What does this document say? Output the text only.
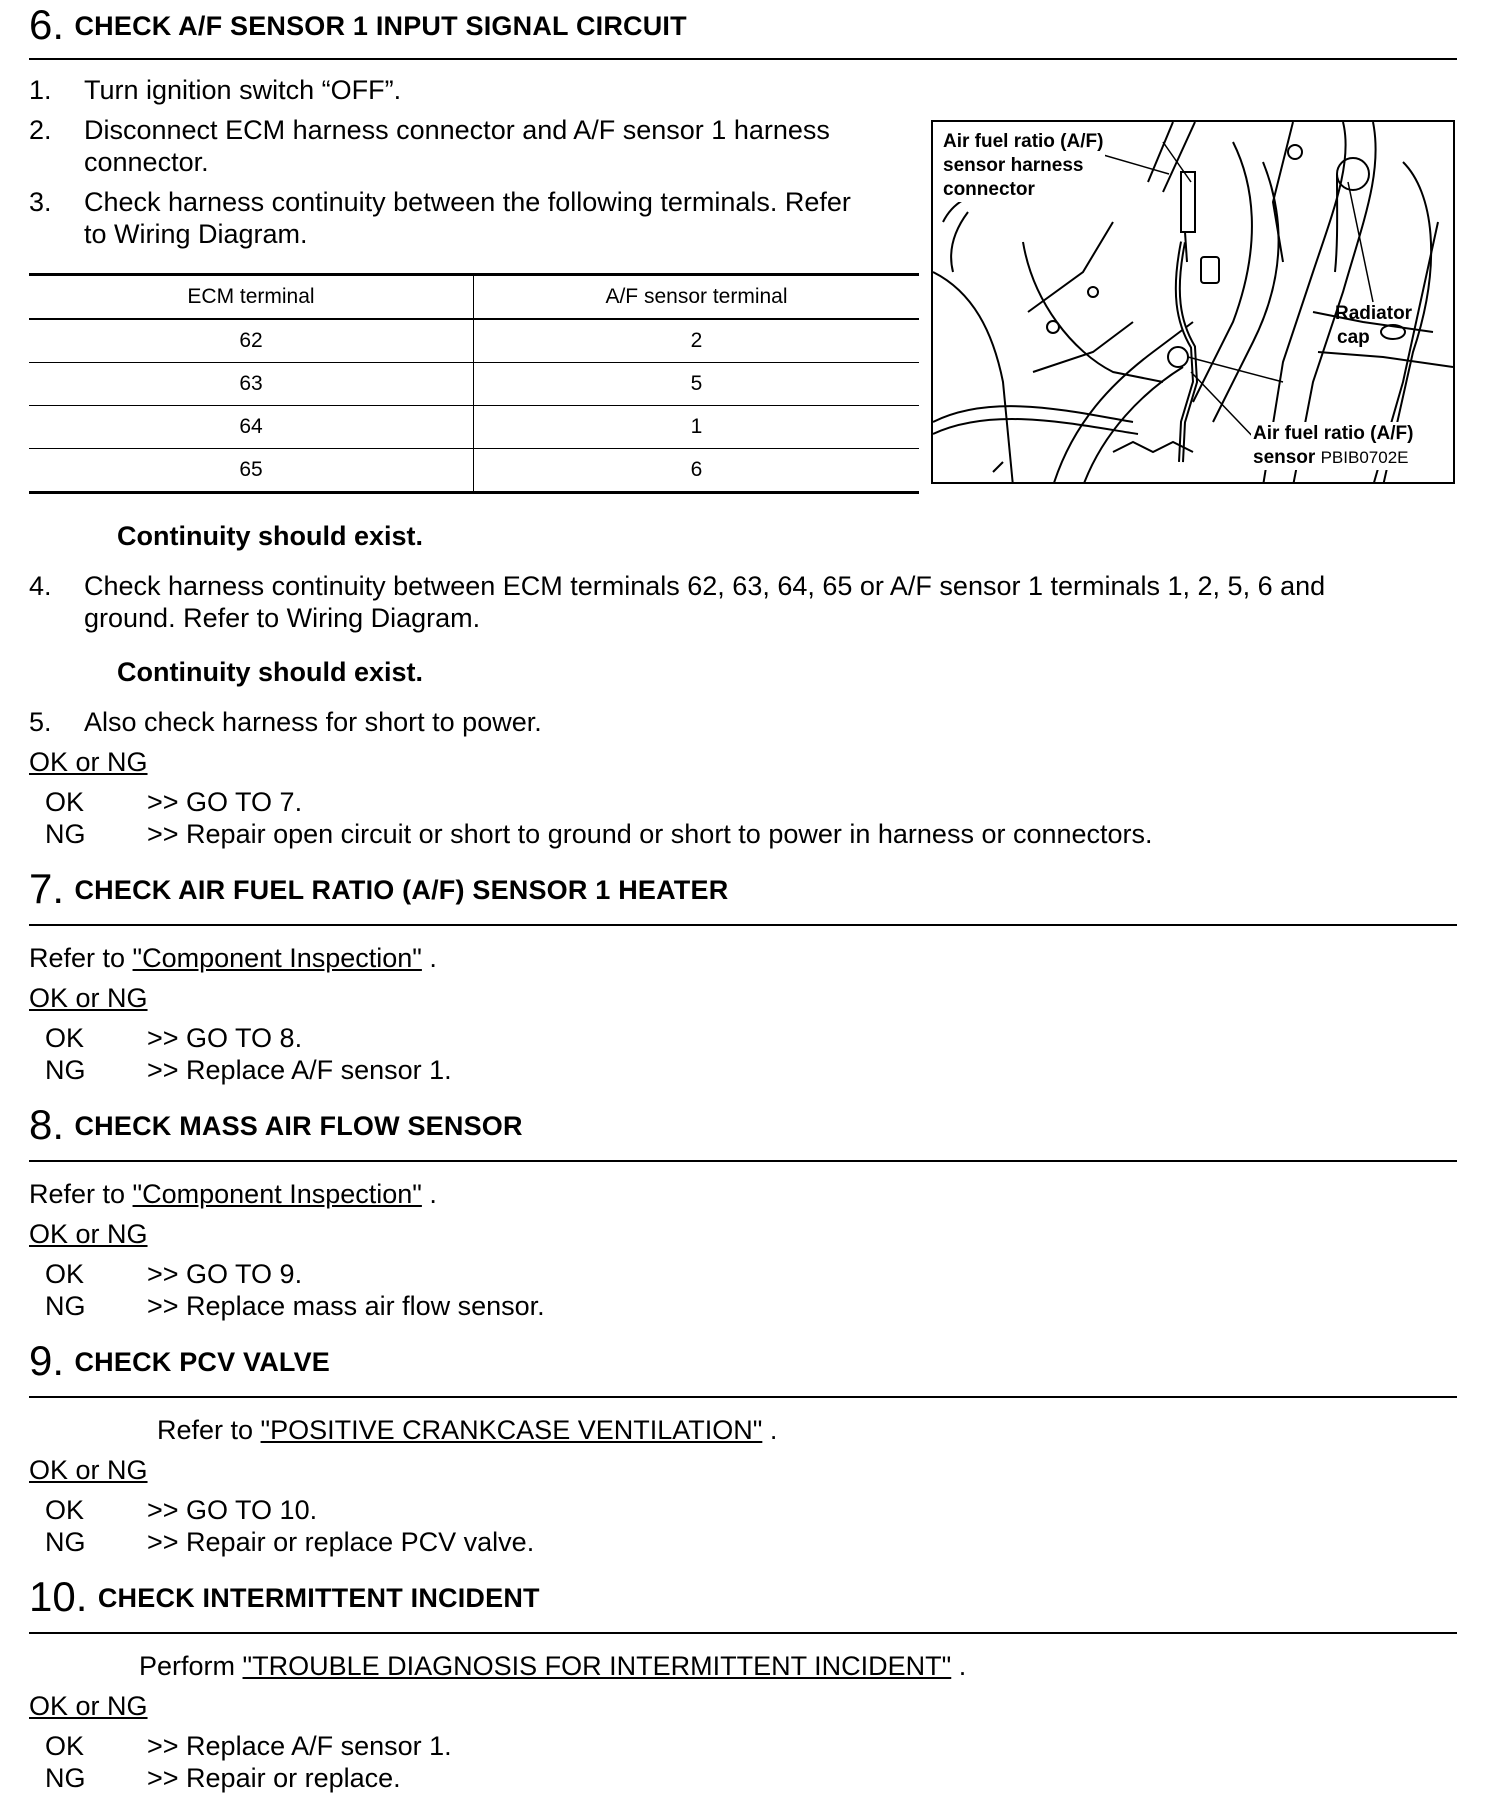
6. CHECK A/F SENSOR 1 INPUT SIGNAL CIRCUIT
1. Turn ignition switch “OFF”.
2. Disconnect ECM harness connector and A/F sensor 1 harness
connector.
3. Check harness continuity between the following terminals. Refer
to Wiring Diagram.
ECM terminal	A/F sensor terminal
62	2
63	5
64	1
65	6
Air fuel ratio (A/F)
sensor harness
connector
Radiator
cap
Air fuel ratio (A/F)
sensor PBIB0702E
Continuity should exist.
4. Check harness continuity between ECM terminals 62, 63, 64, 65 or A/F sensor 1 terminals 1, 2, 5, 6 and
ground. Refer to Wiring Diagram.
Continuity should exist.
5. Also check harness for short to power.
OK or NG
OK >> GO TO 7.
NG >> Repair open circuit or short to ground or short to power in harness or connectors.
7. CHECK AIR FUEL RATIO (A/F) SENSOR 1 HEATER
Refer to "Component Inspection" .
OK or NG
OK >> GO TO 8.
NG >> Replace A/F sensor 1.
8. CHECK MASS AIR FLOW SENSOR
Refer to "Component Inspection" .
OK or NG
OK >> GO TO 9.
NG >> Replace mass air flow sensor.
9. CHECK PCV VALVE
Refer to "POSITIVE CRANKCASE VENTILATION" .
OK or NG
OK >> GO TO 10.
NG >> Repair or replace PCV valve.
10. CHECK INTERMITTENT INCIDENT
Perform "TROUBLE DIAGNOSIS FOR INTERMITTENT INCIDENT" .
OK or NG
OK >> Replace A/F sensor 1.
NG >> Repair or replace.
